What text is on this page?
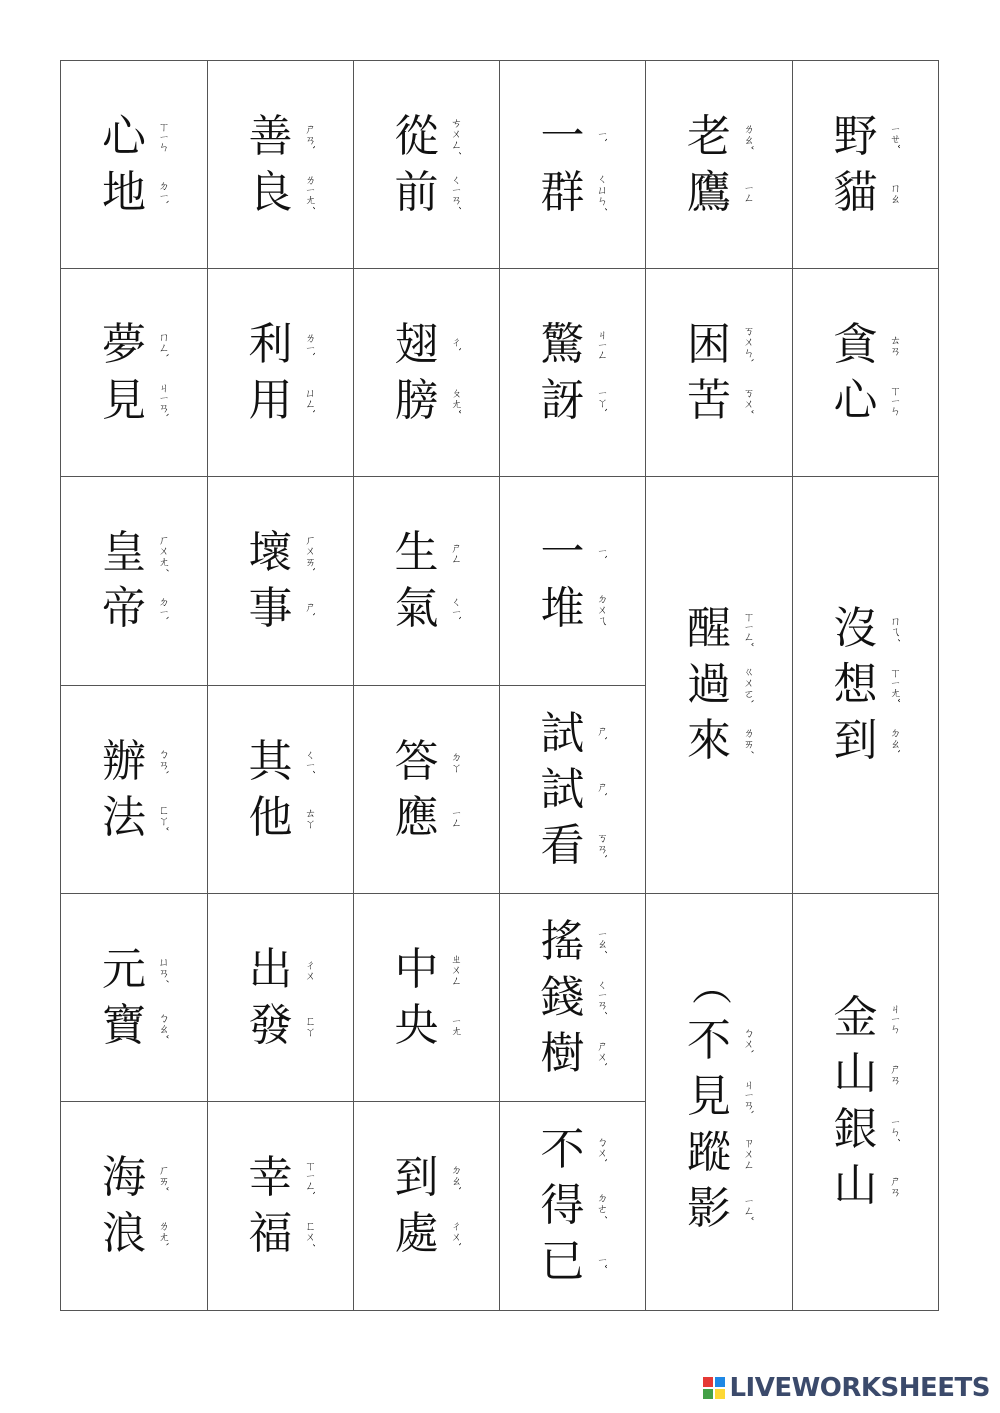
心	ㄒㄧㄣ
地	ㄉㄧˋ
善	ㄕㄢˋ
良	ㄌㄧㄤˊ
從	ㄘㄨㄥˊ
前	ㄑㄧㄢˊ
一	ㄧˋ
群	ㄑㄩㄣˊ
老	ㄌㄠˇ
鷹	ㄧㄥ
野	ㄧㄝˇ
貓	ㄇㄠ
夢	ㄇㄥˋ
見	ㄐㄧㄢˋ
利	ㄌㄧˋ
用	ㄩㄥˋ
翅	ㄔˋ
膀	ㄆㄤˇ
驚	ㄐㄧㄥ
訝	ㄧㄚˋ
困	ㄎㄨㄣˋ
苦	ㄎㄨˇ
貪	ㄊㄢ
心	ㄒㄧㄣ
皇	ㄏㄨㄤˊ
帝	ㄉㄧˋ
壞	ㄏㄨㄞˋ
事	ㄕˋ
生	ㄕㄥ
氣	ㄑㄧˋ
一	ㄧˋ
堆	ㄉㄨㄟ 醒	ㄒㄧㄥˇ
過	ㄍㄨㄛˋ
來	ㄌㄞˊ
沒	ㄇㄟˊ
想	ㄒㄧㄤˇ
到	ㄉㄠˋ
辦	ㄅㄢˋ
法	ㄈㄚˇ
其	ㄑㄧˊ
他	ㄊㄚ
答	ㄉㄚ
應	ㄧㄥ
試	ㄕˋ
試	ㄕˋ
看	ㄎㄢˋ
元	ㄩㄢˊ
寶	ㄅㄠˇ
出	ㄔㄨ
發	ㄈㄚ
中	ㄓㄨㄥ
央	ㄧㄤ
搖	ㄧㄠˊ
錢	ㄑㄧㄢˊ
樹	ㄕㄨˋ
︵
不	ㄅㄨˋ
見	ㄐㄧㄢˋ
蹤	ㄗㄨㄥ
影	ㄧㄥˇ
金	ㄐㄧㄣ
山	ㄕㄢ
銀	ㄧㄣˊ
山	ㄕㄢ
海	ㄏㄞˇ
浪	ㄌㄤˋ
幸	ㄒㄧㄥˋ
福	ㄈㄨˊ
到	ㄉㄠˋ
處	ㄔㄨˋ
不	ㄅㄨˋ
得	ㄉㄜˊ
已	ㄧˇ
LIVEWORKSHEETS
